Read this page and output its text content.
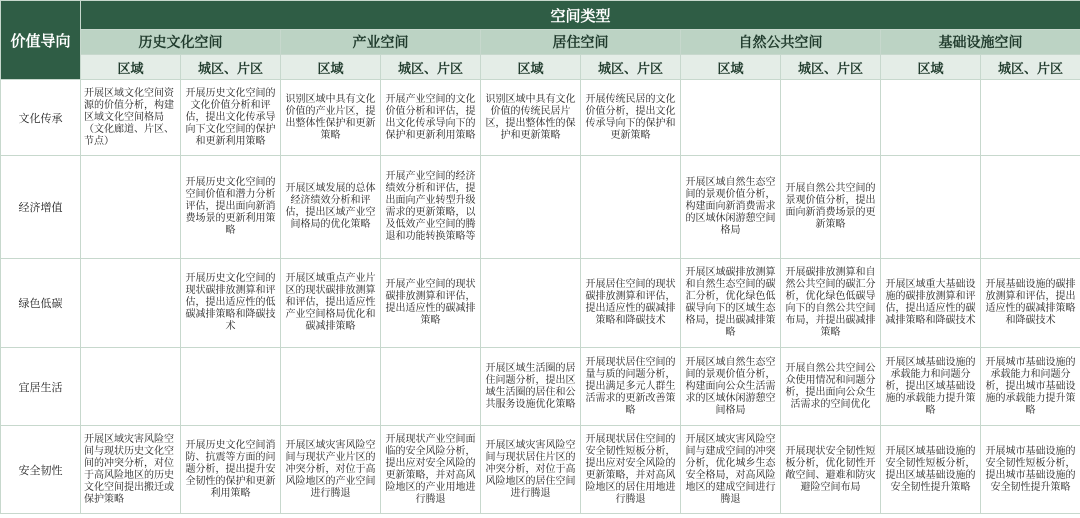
价值导向	空间类型									
	历史文化空间		产业空间		居住空间		自然公共空间		基础设施空间	
	区域	城区、片区	区域	城区、片区	区域	城区、片区	区域	城区、片区	区域	城区、片区
文化传承	开展区域文化空间资源的价值分析，构建区域文化空间格局（文化廊道、片区、节点）	开展历史文化空间的文化价值分析和评估，提出文化传承导向下文化空间的保护和更新利用策略	识别区域中具有文化价值的产业片区，提出整体性保护和更新策略	开展产业空间的文化价值分析和评估，提出文化传承导向下的保护和更新利用策略	识别区域中具有文化价值的传统民居片区，提出整体性的保护和更新策略	开展传统民居的文化价值分析，提出文化传承导向下的保护和更新策略				
经济增值		开展历史文化空间的空间价值和潜力分析评估，提出面向新消费场景的更新利用策略	开展区域发展的总体经济绩效分析和评估，提出区域产业空间格局的优化策略	开展产业空间的经济绩效分析和评估，提出面向产业转型升级需求的更新策略，以及低效产业空间的腾退和功能转换策略等			开展区域自然生态空间的景观价值分析，构建面向新消费需求的区域休闲游憩空间格局	开展自然公共空间的景观价值分析，提出面向新消费场景的更新策略		
绿色低碳		开展历史文化空间的现状碳排放测算和评估，提出适应性的低碳减排策略和降碳技术	开展区域重点产业片区的现状碳排放测算和评估，提出适应性产业空间格局优化和碳减排策略	开展产业空间的现状碳排放测算和评估，提出适应性的碳减排策略		开展居住空间的现状碳排放测算和评估，提出适应性的碳减排策略和降碳技术	开展区域碳排放测算和自然生态空间的碳汇分析，优化绿色低碳导向下的区域生态格局，提出碳减排策略	开展碳排放测算和自然公共空间的碳汇分析，优化绿色低碳导向下的自然公共空间布局，并提出碳减排策略	开展区域重大基础设施的碳排放测算和评估，提出适应性的碳减排策略和降碳技术	开展基础设施的碳排放测算和评估，提出适应性的碳减排策略和降碳技术
宜居生活					开展区域生活圈的居住问题分析，提出区域生活圈的居住和公共服务设施优化策略	开展现状居住空间的量与质的问题分析，提出满足多元人群生活需求的更新改善策略	开展区域自然生态空间的景观价值分析，构建面向公众生活需求的区域休闲游憩空间格局	开展自然公共空间公众使用情况和问题分析，提出面向公众生活需求的空间优化	开展区域基础设施的承载能力和问题分析，提出区域基础设施的承载能力提升策略	开展城市基础设施的承载能力和问题分析，提出城市基础设施的承载能力提升策略
安全韧性	开展区域灾害风险空间与现状历史文化空间的冲突分析，对位于高风险地区的历史文化空间提出搬迁或保护策略	开展历史文化空间消防、抗震等方面的问题分析，提出提升安全韧性的保护和更新利用策略	开展区域灾害风险空间与现状产业片区的冲突分析，对位于高风险地区的产业空间进行腾退	开展现状产业空间面临的安全风险分析，提出应对安全风险的更新策略，并对高风险地区的产业用地进行腾退	开展区域灾害风险空间与现状居住片区的冲突分析，对位于高风险地区的居住空间进行腾退	开展现状居住空间的安全韧性短板分析，提出应对安全风险的更新策略，并对高风险地区的居住用地进行腾退	开展区域灾害风险空间与建成空间的冲突分析，优化城乡生态安全格局，对高风险地区的建成空间进行腾退	开展现状安全韧性短板分析，优化韧性开敞空间、避难和防灾避险空间布局	开展区域基础设施的安全韧性短板分析，提出区域基础设施的安全韧性提升策略	开展城市基础设施的安全韧性短板分析，提出城市基础设施的安全韧性提升策略
